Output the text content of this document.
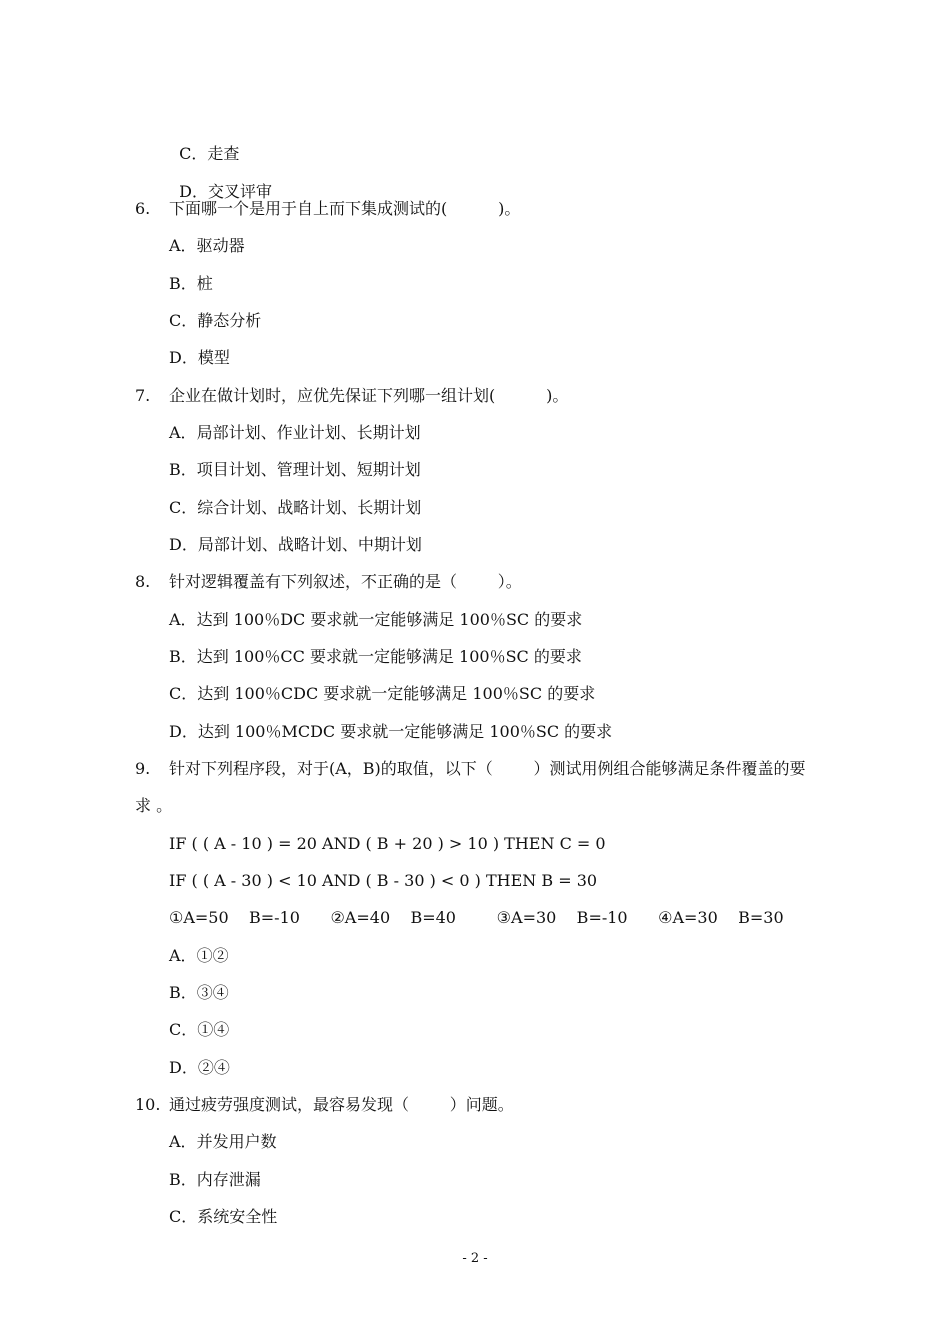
C．走查

D．交叉评审

6. 下面哪一个是用于自上而下集成测试的(          )。
A．驱动器
B．桩
C．静态分析
D．模型
7. 企业在做计划时，应优先保证下列哪一组计划(          )。
A．局部计划、作业计划、长期计划
B．项目计划、管理计划、短期计划
C．综合计划、战略计划、长期计划
D．局部计划、战略计划、中期计划
8. 针对逻辑覆盖有下列叙述，不正确的是（        ）。
A．达到 100％DC 要求就一定能够满足 100％SC 的要求
B．达到 100％CC 要求就一定能够满足 100％SC 的要求
C．达到 100％CDC 要求就一定能够满足 100％SC 的要求
D．达到 100％MCDC 要求就一定能够满足 100％SC 的要求
9. 针对下列程序段，对于(A，B)的取值，以下（        ）测试用例组合能够满足条件覆盖的要
求 。
IF ( ( A - 10 ) = 20 AND ( B + 20 ) > 10 ) THEN C = 0
IF ( ( A - 30 ) < 10 AND ( B - 30 ) < 0 ) THEN B = 30
①A=50    B=-10      ②A=40    B=40        ③A=30    B=-10      ④A=30    B=30
A．①②
B．③④
C．①④
D．②④
10. 通过疲劳强度测试，最容易发现（        ）问题。
A．并发用户数
B．内存泄漏
C．系统安全性
- 2 -
